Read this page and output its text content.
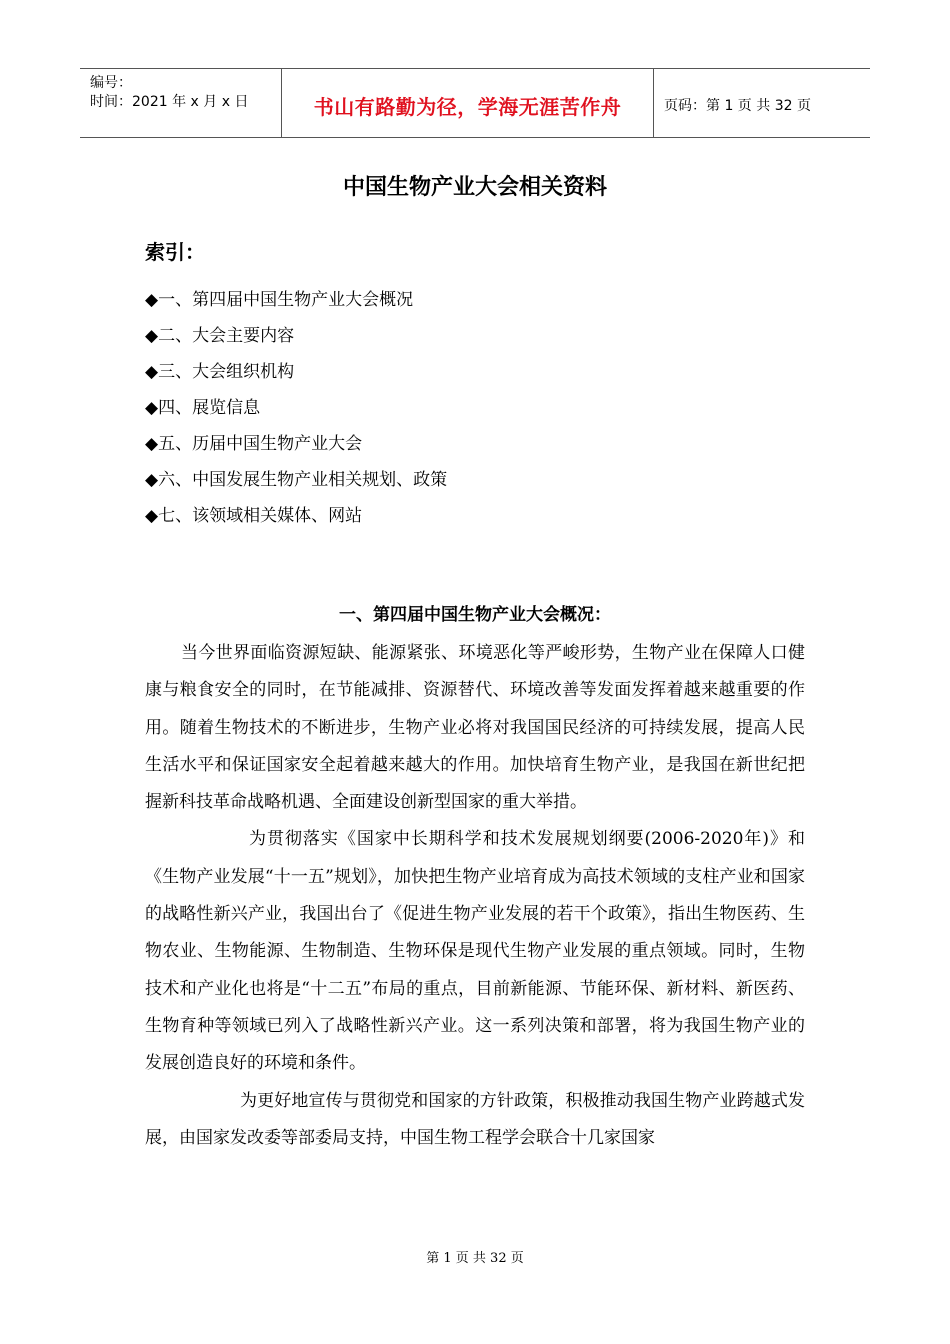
编号：
时间：2021 年 x 月 x 日	书山有路勤为径，学海无涯苦作舟	页码：第 1 页 共 32 页
中国生物产业大会相关资料
索引：
◆一、第四届中国生物产业大会概况
◆二、大会主要内容
◆三、大会组织机构
◆四、展览信息
◆五、历届中国生物产业大会
◆六、中国发展生物产业相关规划、政策
◆七、该领域相关媒体、网站
一、第四届中国生物产业大会概况：

当今世界面临资源短缺、能源紧张、环境恶化等严峻形势，生物产业在保障人口健康与粮食安全的同时，在节能减排、资源替代、环境改善等发面发挥着越来越重要的作用。随着生物技术的不断进步，生物产业必将对我国国民经济的可持续发展，提高人民生活水平和保证国家安全起着越来越大的作用。加快培育生物产业，是我国在新世纪把握新科技革命战略机遇、全面建设创新型国家的重大举措。

为贯彻落实《国家中长期科学和技术发展规划纲要(2006-2020年)》和《生物产业发展“十一五”规划》，加快把生物产业培育成为高技术领域的支柱产业和国家的战略性新兴产业，我国出台了《促进生物产业发展的若干个政策》，指出生物医药、生物农业、生物能源、生物制造、生物环保是现代生物产业发展的重点领域。同时，生物技术和产业化也将是“十二五”布局的重点，目前新能源、节能环保、新材料、新医药、生物育种等领域已列入了战略性新兴产业。这一系列决策和部署，将为我国生物产业的发展创造良好的环境和条件。

为更好地宣传与贯彻党和国家的方针政策，积极推动我国生物产业跨越式发展，由国家发改委等部委局支持，中国生物工程学会联合十几家国家

第 1 页 共 32 页
